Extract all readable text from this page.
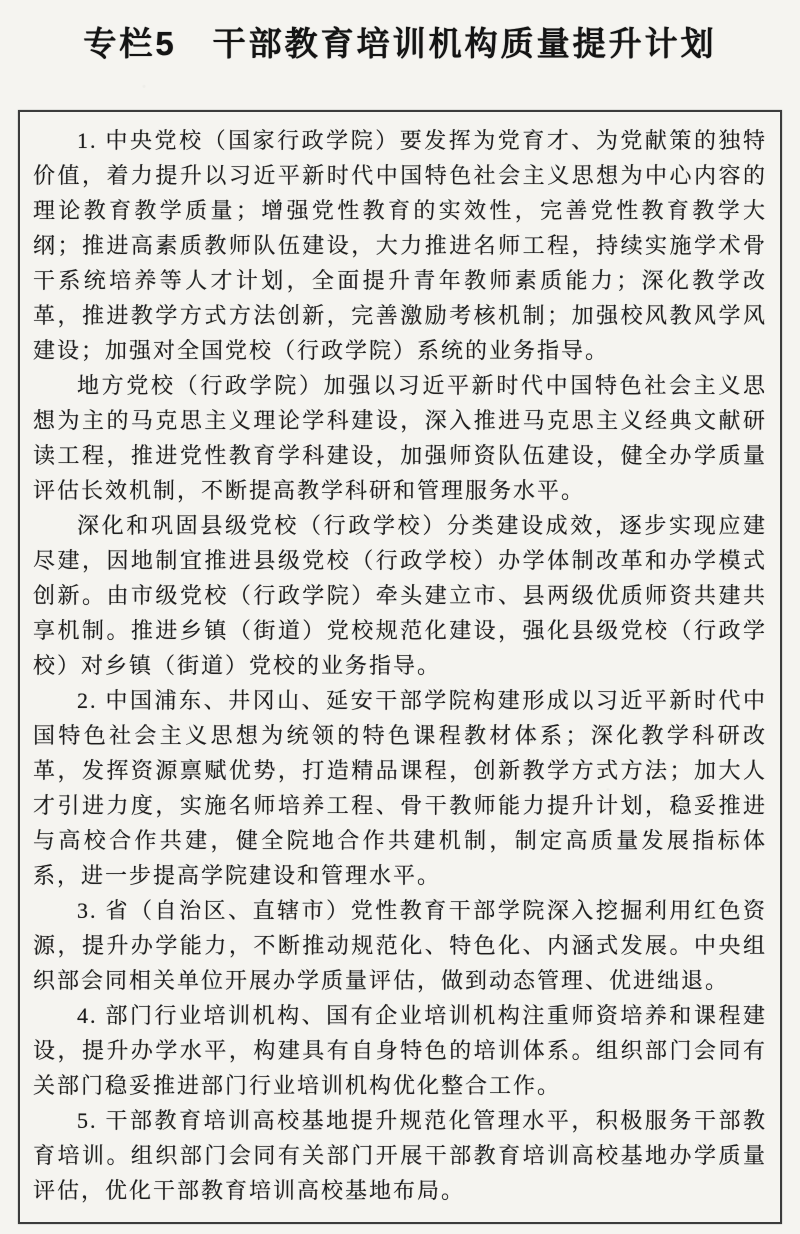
专栏5　干部教育培训机构质量提升计划

1. 中央党校（国家行政学院）要发挥为党育才、为党献策的独特价值，着力提升以习近平新时代中国特色社会主义思想为中心内容的理论教育教学质量；增强党性教育的实效性，完善党性教育教学大纲；推进高素质教师队伍建设，大力推进名师工程，持续实施学术骨干系统培养等人才计划，全面提升青年教师素质能力；深化教学改革，推进教学方式方法创新，完善激励考核机制；加强校风教风学风建设；加强对全国党校（行政学院）系统的业务指导。

地方党校（行政学院）加强以习近平新时代中国特色社会主义思想为主的马克思主义理论学科建设，深入推进马克思主义经典文献研读工程，推进党性教育学科建设，加强师资队伍建设，健全办学质量评估长效机制，不断提高教学科研和管理服务水平。

深化和巩固县级党校（行政学校）分类建设成效，逐步实现应建尽建，因地制宜推进县级党校（行政学校）办学体制改革和办学模式创新。由市级党校（行政学院）牵头建立市、县两级优质师资共建共享机制。推进乡镇（街道）党校规范化建设，强化县级党校（行政学校）对乡镇（街道）党校的业务指导。

2. 中国浦东、井冈山、延安干部学院构建形成以习近平新时代中国特色社会主义思想为统领的特色课程教材体系；深化教学科研改革，发挥资源禀赋优势，打造精品课程，创新教学方式方法；加大人才引进力度，实施名师培养工程、骨干教师能力提升计划，稳妥推进与高校合作共建，健全院地合作共建机制，制定高质量发展指标体系，进一步提高学院建设和管理水平。

3. 省（自治区、直辖市）党性教育干部学院深入挖掘利用红色资源，提升办学能力，不断推动规范化、特色化、内涵式发展。中央组织部会同相关单位开展办学质量评估，做到动态管理、优进绌退。

4. 部门行业培训机构、国有企业培训机构注重师资培养和课程建设，提升办学水平，构建具有自身特色的培训体系。组织部门会同有关部门稳妥推进部门行业培训机构优化整合工作。

5. 干部教育培训高校基地提升规范化管理水平，积极服务干部教育培训。组织部门会同有关部门开展干部教育培训高校基地办学质量评估，优化干部教育培训高校基地布局。
